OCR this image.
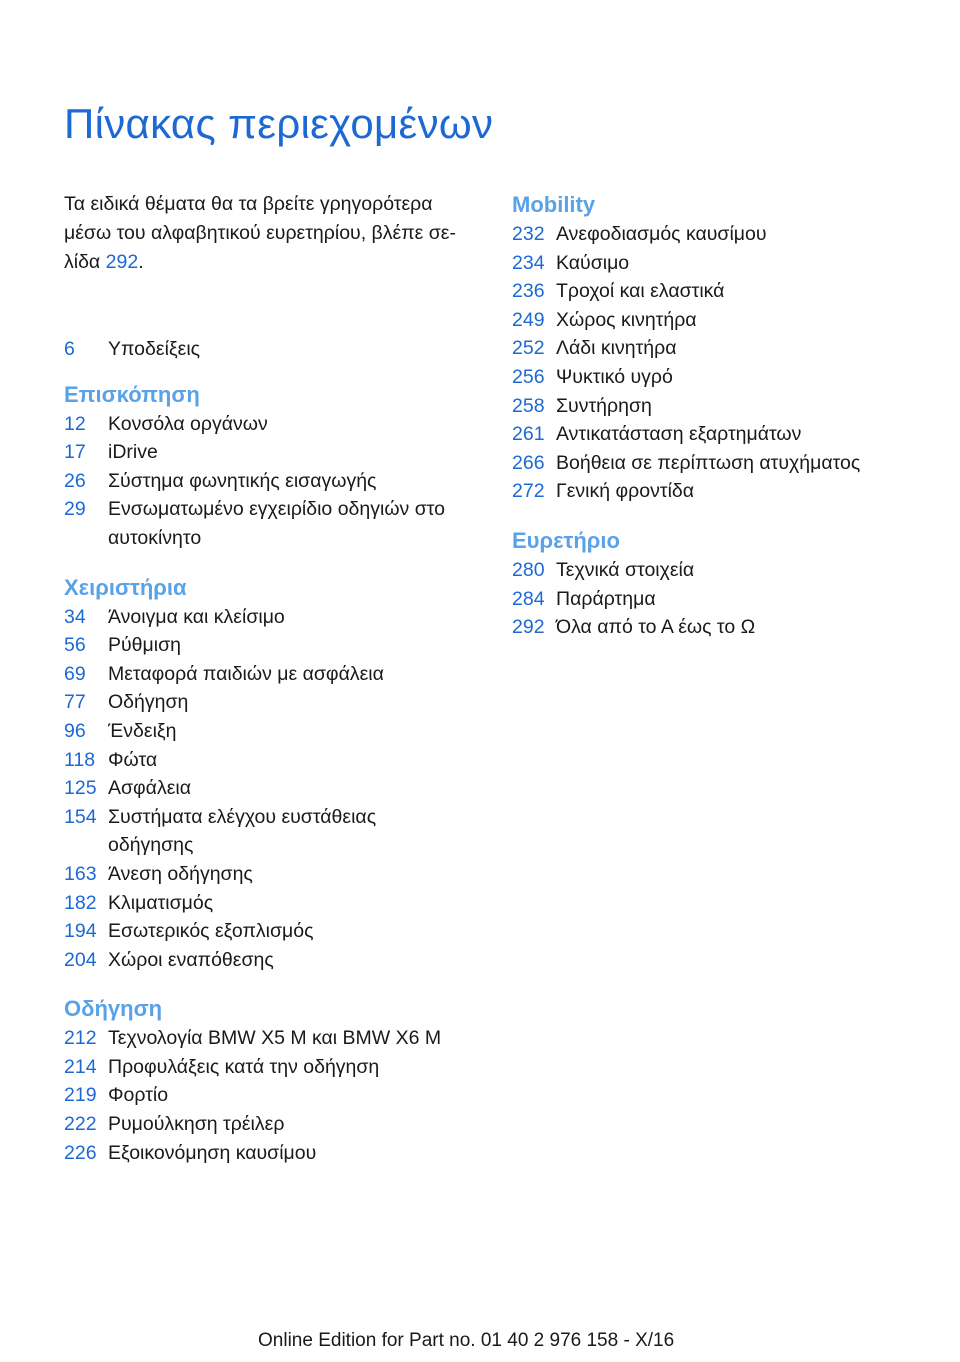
Πίνακας περιεχομένων

Τα ειδικά θέματα θα τα βρείτε γρηγορότερα μέσω του αλφαβητικού ευρετηρίου, βλέπε σελίδα 292.

6	Υποδείξεις
Επισκόπηση
12	Κονσόλα οργάνων
17	iDrive
26	Σύστημα φωνητικής εισαγωγής
29	Ενσωματωμένο εγχειρίδιο οδηγιών στο αυτοκίνητο
Χειριστήρια
34	Άνοιγμα και κλείσιμο
56	Ρύθμιση
69	Μεταφορά παιδιών με ασφάλεια
77	Οδήγηση
96	Ένδειξη
118 Φώτα
125 Ασφάλεια
154 Συστήματα ελέγχου ευστάθειας οδήγησης
163 Άνεση οδήγησης
182 Κλιματισμός
194 Εσωτερικός εξοπλισμός
204 Χώροι εναπόθεσης
Οδήγηση
212 Τεχνολογία BMW X5 M και BMW X6 M
214 Προφυλάξεις κατά την οδήγηση
219 Φορτίο
222 Ρυμούλκηση τρέιλερ
226 Εξοικονόμηση καυσίμου
Mobility
232 Ανεφοδιασμός καυσίμου
234 Καύσιμο
236 Τροχοί και ελαστικά
249 Χώρος κινητήρα
252 Λάδι κινητήρα
256 Ψυκτικό υγρό
258 Συντήρηση
261 Αντικατάσταση εξαρτημάτων
266 Βοήθεια σε περίπτωση ατυχήματος
272 Γενική φροντίδα
Ευρετήριο
280 Τεχνικά στοιχεία
284 Παράρτημα
292 Όλα από το Α έως το Ω
Online Edition for Part no. 01 40 2 976 158 - X/16
